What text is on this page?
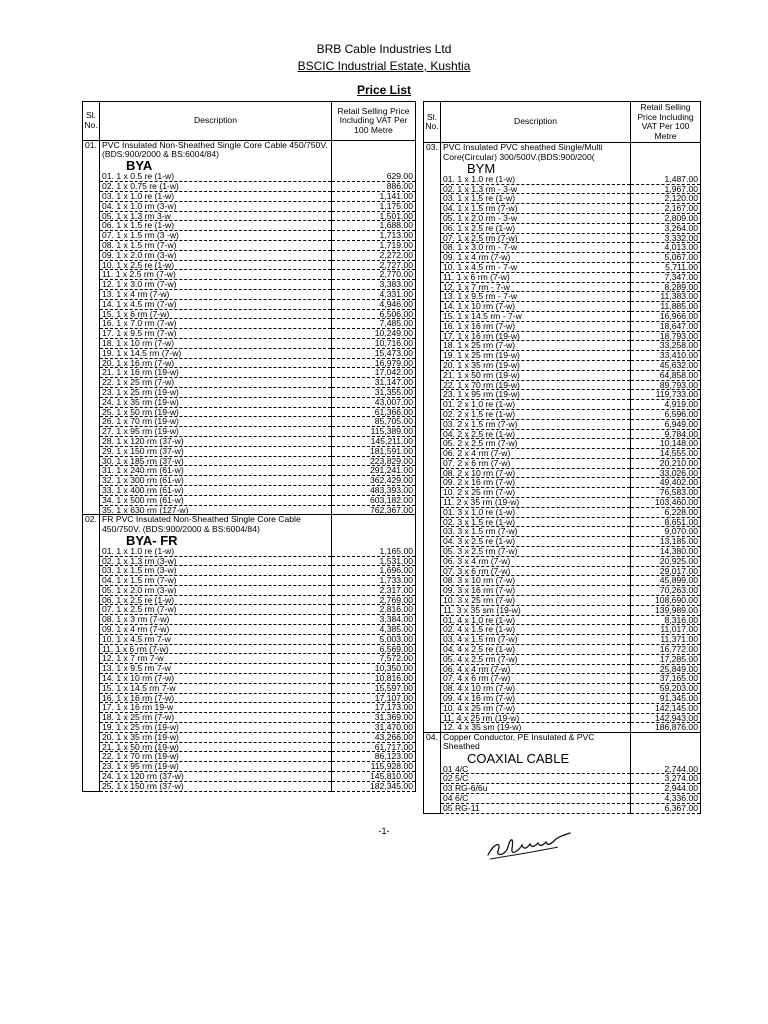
BRB Cable Industries Ltd
BSCIC Industrial Estate, Kushtia
Price List
Sl. No.	Description	Retail Selling Price Including VAT Per 100 Metre
01.	PVC Insulated Non-Sheathed Single Core Cable 450/750V. (BDS:900/2000 & BS:6004/84)	
	BYA	
	01. 1 x 0.5 re (1-w)	629.00
	02. 1 x 0.75 re (1-w)	886.00
	03. 1 x 1.0 re (1-w)	1,141.00
	04. 1 x 1.0 rm (3-w)	1,175.00
	05. 1 x 1.3 rm 3-w	1,501.00
	06. 1 x 1.5 re (1-w)	1,688.00
	07. 1 x 1.5 rm (3 -w)	1,713.00
	08. 1 x 1.5 rm (7-w)	1,719.00
	09. 1 x 2.0 rm (3-w)	2,272.00
	10. 1 x 2.5 re (1-w)	2,727.00
	11. 1 x 2.5 rm (7-w)	2,770.00
	12. 1 x 3.0 rm (7-w)	3,383.00
	13. 1 x 4 rm (7-w)	4,331.00
	14. 1 x 4.5 rm (7-w)	4,946.00
	15. 1 x 6 rm (7-w)	6,506.00
	16. 1 x 7.0 rm (7-w)	7,485.00
	17. 1 x 9.5 rm (7-w)	10,249.00
	18. 1 x 10 rm (7-w)	10,716.00
	19. 1 x 14.5 rm (7-w)	15,473.00
	20. 1 x 16 rm (7-w)	16,979.00
	21. 1 x 16 rm (19-w)	17,042.00
	22. 1 x 25 rm (7-w)	31,147.00
	23. 1 x 25 rm (19-w)	31,355.00
	24. 1 x 35 rm (19-w)	43,007.00
	25. 1 x 50 rm (19-w)	61,366.00
	26. 1 x 70 rm (19-w)	85,705.00
	27. 1 x 95 rm (19-w)	115,389.00
	28. 1 x 120 rm (37-w)	145,211.00
	29. 1 x 150 rm (37-w)	181,591.00
	30. 1 x 185 rm (37-w)	223,829.00
	31. 1 x 240 rm (61-w)	291,241.00
	32. 1 x 300 rm (61-w)	362,429.00
	33. 1 x 400 rm (61-w)	483,393.00
	34. 1 x 500 rm (61-w)	603,182.00
	35. 1 x 630 rm (127-w)	762,367.00
02.	FR PVC Insulated Non-Sheathed Single Core Cable 450/750V. (BDS:900/2000 & BS:6004/84)	
	BYA- FR	
	01. 1 x 1.0 re (1-w)	1,165.00
	02. 1 x 1.3 rm (3-w)	1,531.00
	03. 1 x 1.5 rm (3-w)	1,696.00
	04. 1 x 1.5 rm (7-w)	1,733.00
	05. 1 x 2.0 rm (3-w)	2,317.00
	06. 1 x 2.5 re (1-w)	2,769.00
	07. 1 x 2.5 rm (7-w)	2,816.00
	08. 1 x 3 rm (7-w)	3,384.00
	09. 1 x 4 rm (7-w)	4,385.00
	10. 1 x 4.5 rm 7-w	5,003.00
	11. 1 x 6 rm (7-w)	6,569.00
	12. 1 x 7 rm 7-w	7,572.00
	13. 1 x 9.5 rm 7-w	10,350.00
	14. 1 x 10 rm (7-w)	10,816.00
	15. 1 x 14.5 rm 7-w	15,597.00
	16. 1 x 16 rm (7-w)	17,107.00
	17. 1 x 16 rm 19-w	17,173.00
	18. 1 x 25 rm (7-w)	31,369.00
	19. 1 x 25 rm (19-w)	31,470.00
	20. 1 x 35 rm (19-w)	43,266.00
	21. 1 x 50 rm (19-w)	61,717.00
	22. 1 x 70 rm (19-w)	86,123.00
	23. 1 x 95 rm (19-w)	115,928.00
	24. 1 x 120 rm (37-w)	145,810.00
	25. 1 x 150 rm (37-w)	182,345.00
Sl. No.	Description	Retail Selling Price Including VAT Per 100 Metre
03.	PVC Insulated PVC sheathed Single/Multi Core(Circular) 300/500V.(BDS:900/200(	
	BYM	
	01. 1 x 1.0 re (1-w)	1,487.00
	02. 1 x 1.3 rm - 3-w	1,967.00
	03. 1 x 1.5 re (1-w)	2,120.00
	04. 1 x 1.5 rm (7-w)	2,167.00
	05. 1 x 2.0 rm - 3-w	2,809.00
	06. 1 x 2.5 re (1-w)	3,264.00
	07. 1 x 2.5 rm (7-w)	3,332.00
	08. 1 x 3.0 rm - 7-w	4,013.00
	09. 1 x 4 rm (7-w)	5,067.00
	10. 1 x 4.5 rm - 7-w	5,711.00
	11. 1 x 6 rm (7-w)	7,347.00
	12. 1 x 7 rm - 7-w	8,289.00
	13. 1 x 9.5 rm - 7-w	11,383.00
	14. 1 x 10 rm (7-w)	11,885.00
	15. 1 x 14.5 rm - 7-w	16,966.00
	16. 1 x 16 rm (7-w)	18,647.00
	17. 1 x 16 rm (19-w)	18,793.00
	18. 1 x 25 rm (7-w)	33,258.00
	19. 1 x 25 rm (19-w)	33,410.00
	20. 1 x 35 rm (19-w)	45,632.00
	21. 1 x 50 rm (19-w)	64,858.00
	22. 1 x 70 rm (19-w)	89,793.00
	23. 1 x 95 rm (19-w)	119,733.00
	01. 2 x 1.0 re (1-w)	4,919.00
	02. 2 x 1.5 re (1-w)	6,596.00
	03. 2 x 1.5 rm (7-w)	6,949.00
	04. 2 x 2.5 re (1-w)	9,784.00
	05. 2 x 2.5 rm (7-w)	10,148.00
	06. 2 x 4 rm (7-w)	14,555.00
	07. 2 x 6 rm (7-w)	20,210.00
	08. 2 x 10 rm (7-w)	33,026.00
	09. 2 x 16 rm (7-w)	49,402.00
	10. 2 x 25 rm (7-w)	76,583.00
	11. 2 x 35 rm (19-w)	103,460.00
	01. 3 x 1.0 re (1-w)	6,228.00
	02. 3 x 1.5 re (1-w)	8,651.00
	03. 3 x 1.5 rm (7-w)	9,070.00
	04. 3 x 2.5 re (1-w)	13,185.00
	05. 3 x 2.5 rm (7-w)	14,380.00
	06. 3 x 4 rm (7-w)	20,925.00
	07. 3 x 6 rm (7-w)	29,017.00
	08. 3 x 10 rm (7-w)	45,899.00
	09. 3 x 16 rm (7-w)	70,263.00
	10. 3 x 25 rm (7-w)	108,690.00
	11. 3 x 35 sm (19-w)	139,989.00
	01. 4 x 1.0 re (1-w)	8,316.00
	02. 4 x 1.5 re (1-w)	11,017.00
	03. 4 x 1.5 rm (7-w)	11,371.00
	04. 4 x 2.5 re (1-w)	16,772.00
	05. 4 x 2.5 rm (7-w)	17,285.00
	06. 4 x 4 rm (7-w)	25,849.00
	07. 4 x 6 rm (7-w)	37,165.00
	08. 4 x 10 rm (7-w)	59,203.00
	09. 4 x 16 rm (7-w)	91,345.00
	10. 4 x 25 rm (7-w)	142,145.00
	11. 4 x 25 rm (19-w)	142,943.00
	12. 4 x 35 sm (19-w)	186,876.00
04.	Copper Conductor, PE Insulated & PVC Sheathed	
	COAXIAL CABLE	
	01 4/C	2,744.00
	02 5/C	3,274.00
	03 RG-6/6u	2,944.00
	04 6/C	4,336.00
	05 RG-11	6,367.00
-1-
